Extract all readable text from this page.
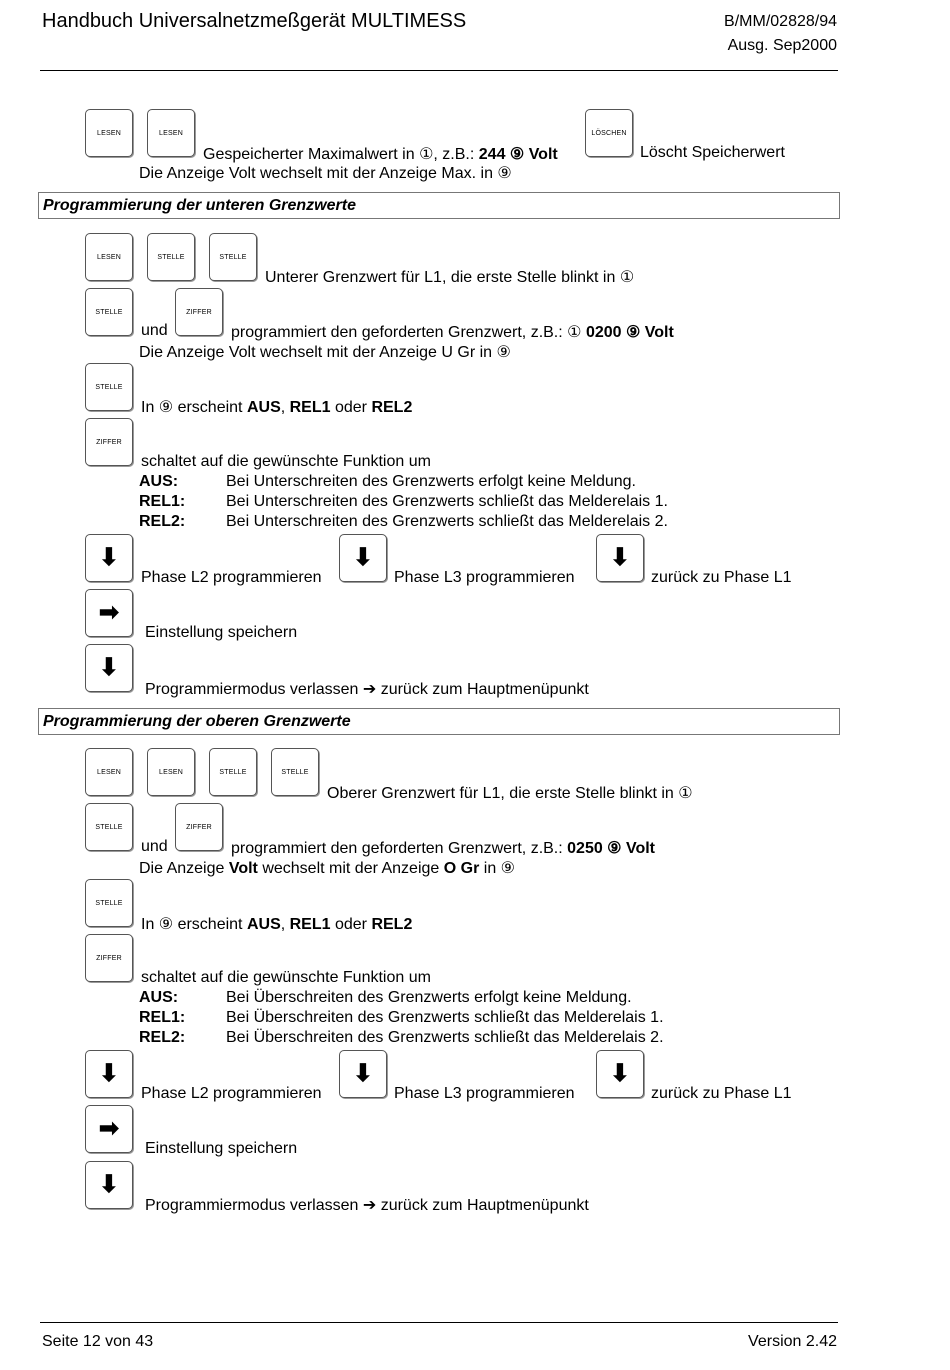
Handbuch Universalnetzmeßgerät MULTIMESS	B/MM/02828/94
Ausg. Sep2000
LESEN	LESEN
Gespeicherter Maximalwert in ①, z.B.: 244 ⑨ Volt
LÖSCHEN
Löscht Speicherwert
Die Anzeige Volt wechselt mit der Anzeige Max. in ⑨
Programmierung der unteren Grenzwerte
LESEN	STELLE	STELLE
Unterer Grenzwert für L1, die erste Stelle blinkt in ①
STELLE
und
ZIFFER
programmiert den geforderten Grenzwert, z.B.: ① 0200 ⑨ Volt
Die Anzeige Volt wechselt mit der Anzeige U Gr in ⑨
STELLE
In ⑨ erscheint AUS, REL1 oder REL2
ZIFFER
schaltet auf die gewünschte Funktion um
AUS:	Bei Unterschreiten des Grenzwerts erfolgt keine Meldung.
REL1:	Bei Unterschreiten des Grenzwerts schließt das Melderelais 1.
REL2:	Bei Unterschreiten des Grenzwerts schließt das Melderelais 2.
⬇
Phase L2 programmieren
⬇
Phase L3 programmieren
⬇
zurück zu Phase L1
➡
Einstellung speichern
⬇
Programmiermodus verlassen ➔ zurück zum Hauptmenüpunkt
Programmierung der oberen Grenzwerte
LESEN	LESEN	STELLE	STELLE
Oberer Grenzwert für L1, die erste Stelle blinkt in ①
STELLE
und
ZIFFER
programmiert den geforderten Grenzwert, z.B.: 0250 ⑨ Volt
Die Anzeige Volt wechselt mit der Anzeige O Gr in ⑨
STELLE
In ⑨ erscheint AUS, REL1 oder REL2
ZIFFER
schaltet auf die gewünschte Funktion um
AUS:	Bei Überschreiten des Grenzwerts erfolgt keine Meldung.
REL1:	Bei Überschreiten des Grenzwerts schließt das Melderelais 1.
REL2:	Bei Überschreiten des Grenzwerts schließt das Melderelais 2.
⬇
Phase L2 programmieren
⬇
Phase L3 programmieren
⬇
zurück zu Phase L1
➡
Einstellung speichern
⬇
Programmiermodus verlassen ➔ zurück zum Hauptmenüpunkt
Seite 12 von 43	Version 2.42
